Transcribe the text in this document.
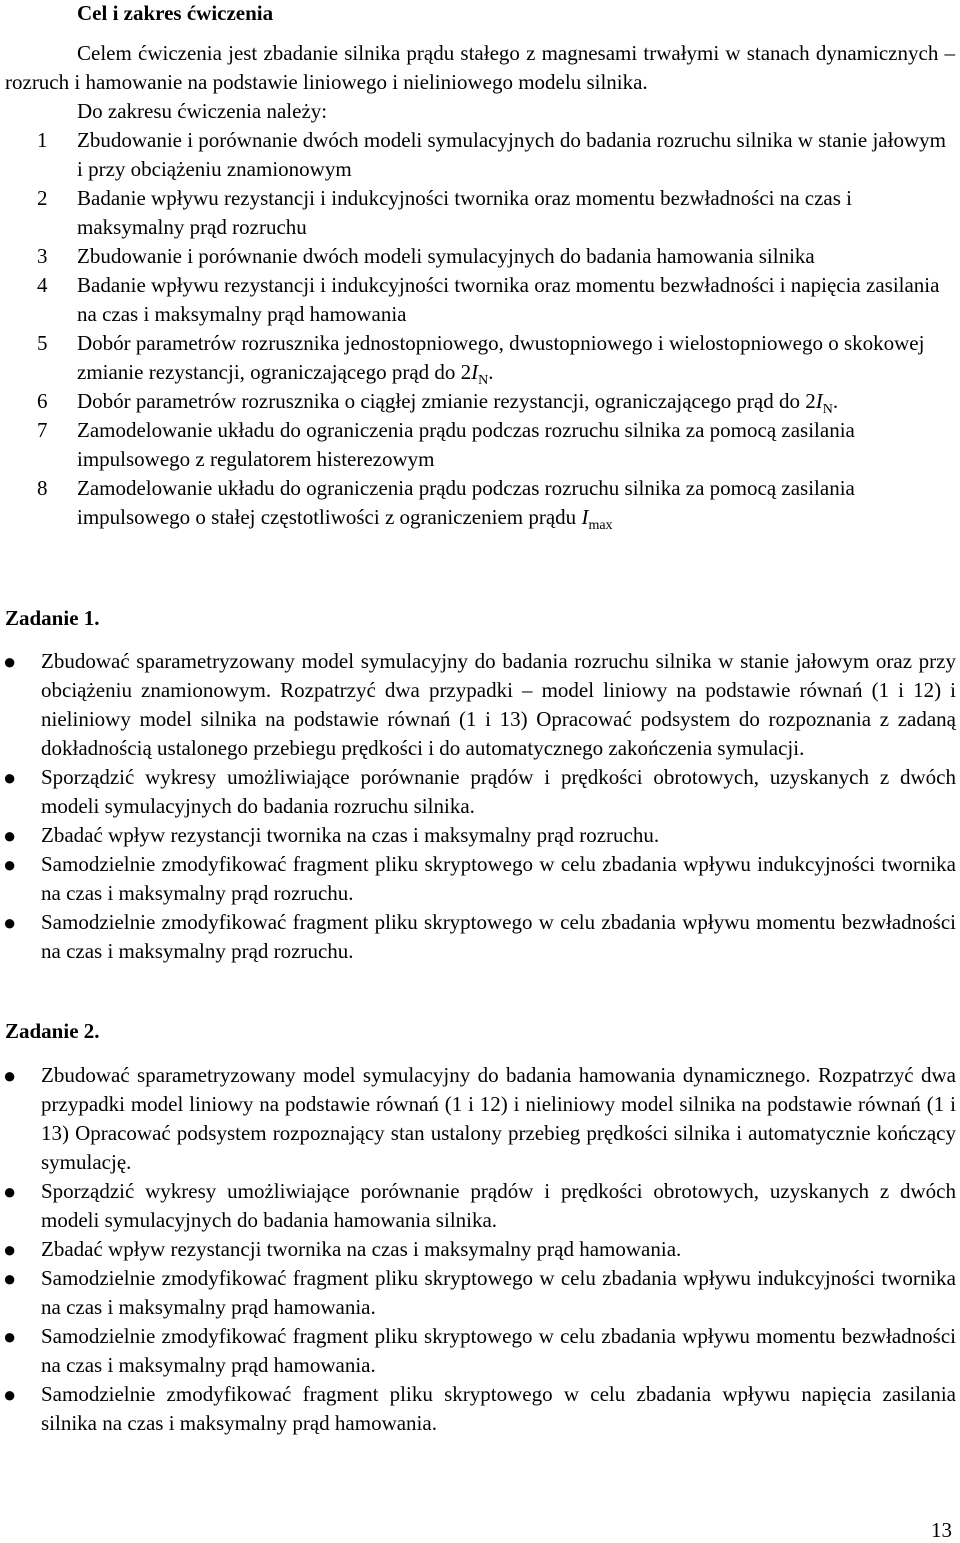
Cel i zakres ćwiczenia

Celem ćwiczenia jest zbadanie silnika prądu stałego z magnesami trwałymi w stanach dynamicznych – rozruch i hamowanie na podstawie liniowego i nieliniowego modelu silnika.

Do zakresu ćwiczenia należy:

1	Zbudowanie i porównanie dwóch modeli symulacyjnych do badania rozruchu silnika w stanie jałowym i przy obciążeniu znamionowym
2	Badanie wpływu rezystancji i indukcyjności twornika oraz momentu bezwładności na czas i maksymalny prąd rozruchu
3	Zbudowanie i porównanie dwóch modeli symulacyjnych do badania hamowania silnika
4	Badanie wpływu rezystancji i indukcyjności twornika oraz momentu bezwładności i napięcia zasilania na czas i maksymalny prąd hamowania
5	Dobór parametrów rozrusznika jednostopniowego, dwustopniowego i wielostopniowego o skokowej zmianie rezystancji, ograniczającego prąd do $2I_N$.
6	Dobór parametrów rozrusznika o ciągłej zmianie rezystancji, ograniczającego prąd do $2I_N$.
7	Zamodelowanie układu do ograniczenia prądu podczas rozruchu silnika za pomocą zasilania impulsowego z regulatorem histerezowym
8	Zamodelowanie układu do ograniczenia prądu podczas rozruchu silnika za pomocą zasilania impulsowego o stałej częstotliwości z ograniczeniem prądu $I_{max}$
Zadanie 1.
●	Zbudować sparametryzowany model symulacyjny do badania rozruchu silnika w stanie jałowym oraz przy obciążeniu znamionowym. Rozpatrzyć dwa przypadki – model liniowy na podstawie równań (1 i 12) i nieliniowy model silnika na podstawie równań (1 i 13) Opracować podsystem do rozpoznania z zadaną dokładnością ustalonego przebiegu prędkości i do automatycznego zakończenia symulacji.
●	Sporządzić wykresy umożliwiające porównanie prądów i prędkości obrotowych, uzyskanych z dwóch modeli symulacyjnych do badania rozruchu silnika.
●	Zbadać wpływ rezystancji twornika na czas i maksymalny prąd rozruchu.
●	Samodzielnie zmodyfikować fragment pliku skryptowego w celu zbadania wpływu indukcyjności twornika na czas i maksymalny prąd rozruchu.
●	Samodzielnie zmodyfikować fragment pliku skryptowego w celu zbadania wpływu momentu bezwładności na czas i maksymalny prąd rozruchu.
Zadanie 2.
●	Zbudować sparametryzowany model symulacyjny do badania hamowania dynamicznego. Rozpatrzyć dwa przypadki model liniowy na podstawie równań (1 i 12) i nieliniowy model silnika na podstawie równań (1 i 13) Opracować podsystem rozpoznający stan ustalony przebieg prędkości silnika i automatycznie kończący symulację.
●	Sporządzić wykresy umożliwiające porównanie prądów i prędkości obrotowych, uzyskanych z dwóch modeli symulacyjnych do badania hamowania silnika.
●	Zbadać wpływ rezystancji twornika na czas i maksymalny prąd hamowania.
●	Samodzielnie zmodyfikować fragment pliku skryptowego w celu zbadania wpływu indukcyjności twornika na czas i maksymalny prąd hamowania.
●	Samodzielnie zmodyfikować fragment pliku skryptowego w celu zbadania wpływu momentu bezwładności na czas i maksymalny prąd hamowania.
●	Samodzielnie zmodyfikować fragment pliku skryptowego w celu zbadania wpływu napięcia zasilania silnika na czas i maksymalny prąd hamowania.
13
